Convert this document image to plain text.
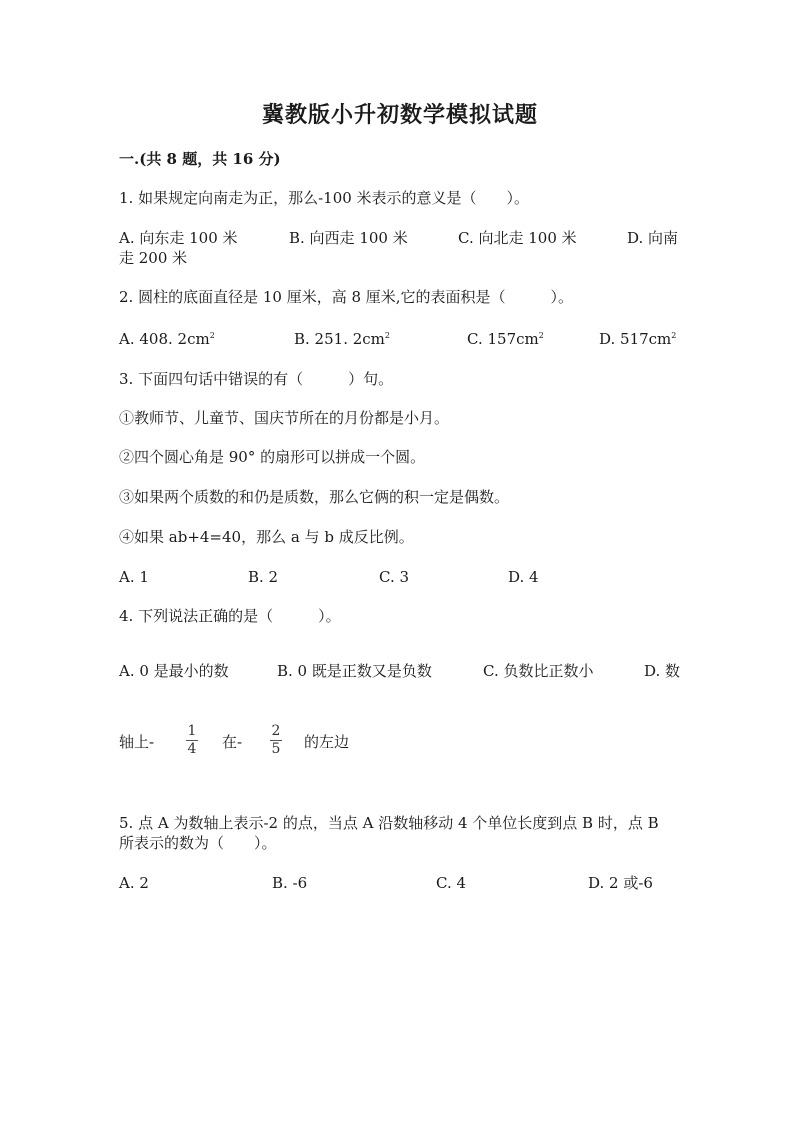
冀教版小升初数学模拟试题
一.(共 8 题，共 16 分)
1. 如果规定向南走为正，那么-100 米表示的意义是（　　）。
A. 向东走 100 米	B. 向西走 100 米	C. 向北走 100 米	D. 向南
走 200 米
2. 圆柱的底面直径是 10 厘米，高 8 厘米,它的表面积是（　　　）。
A. 408. $2cm^2$	B. 251. $2cm^2$	C. $157cm^2$	D. $517cm^2$
3. 下面四句话中错误的有（　　　）句。
①教师节、儿童节、国庆节所在的月份都是小月。
②四个圆心角是 90° 的扇形可以拼成一个圆。
③如果两个质数的和仍是质数，那么它俩的积一定是偶数。
④如果 ab+4=40，那么 a 与 b 成反比例。
A. 1	B. 2	C. 3	D. 4
4. 下列说法正确的是（　　　）。
A. 0 是最小的数	B. 0 既是正数又是负数	C. 负数比正数小	D. 数
轴上-
1
4 在-
2
5 的左边
5. 点 A 为数轴上表示-2 的点，当点 A 沿数轴移动 4 个单位长度到点 B 时，点 B
所表示的数为（　　）。
A. 2	B. -6	C. 4	D. 2 或-6
